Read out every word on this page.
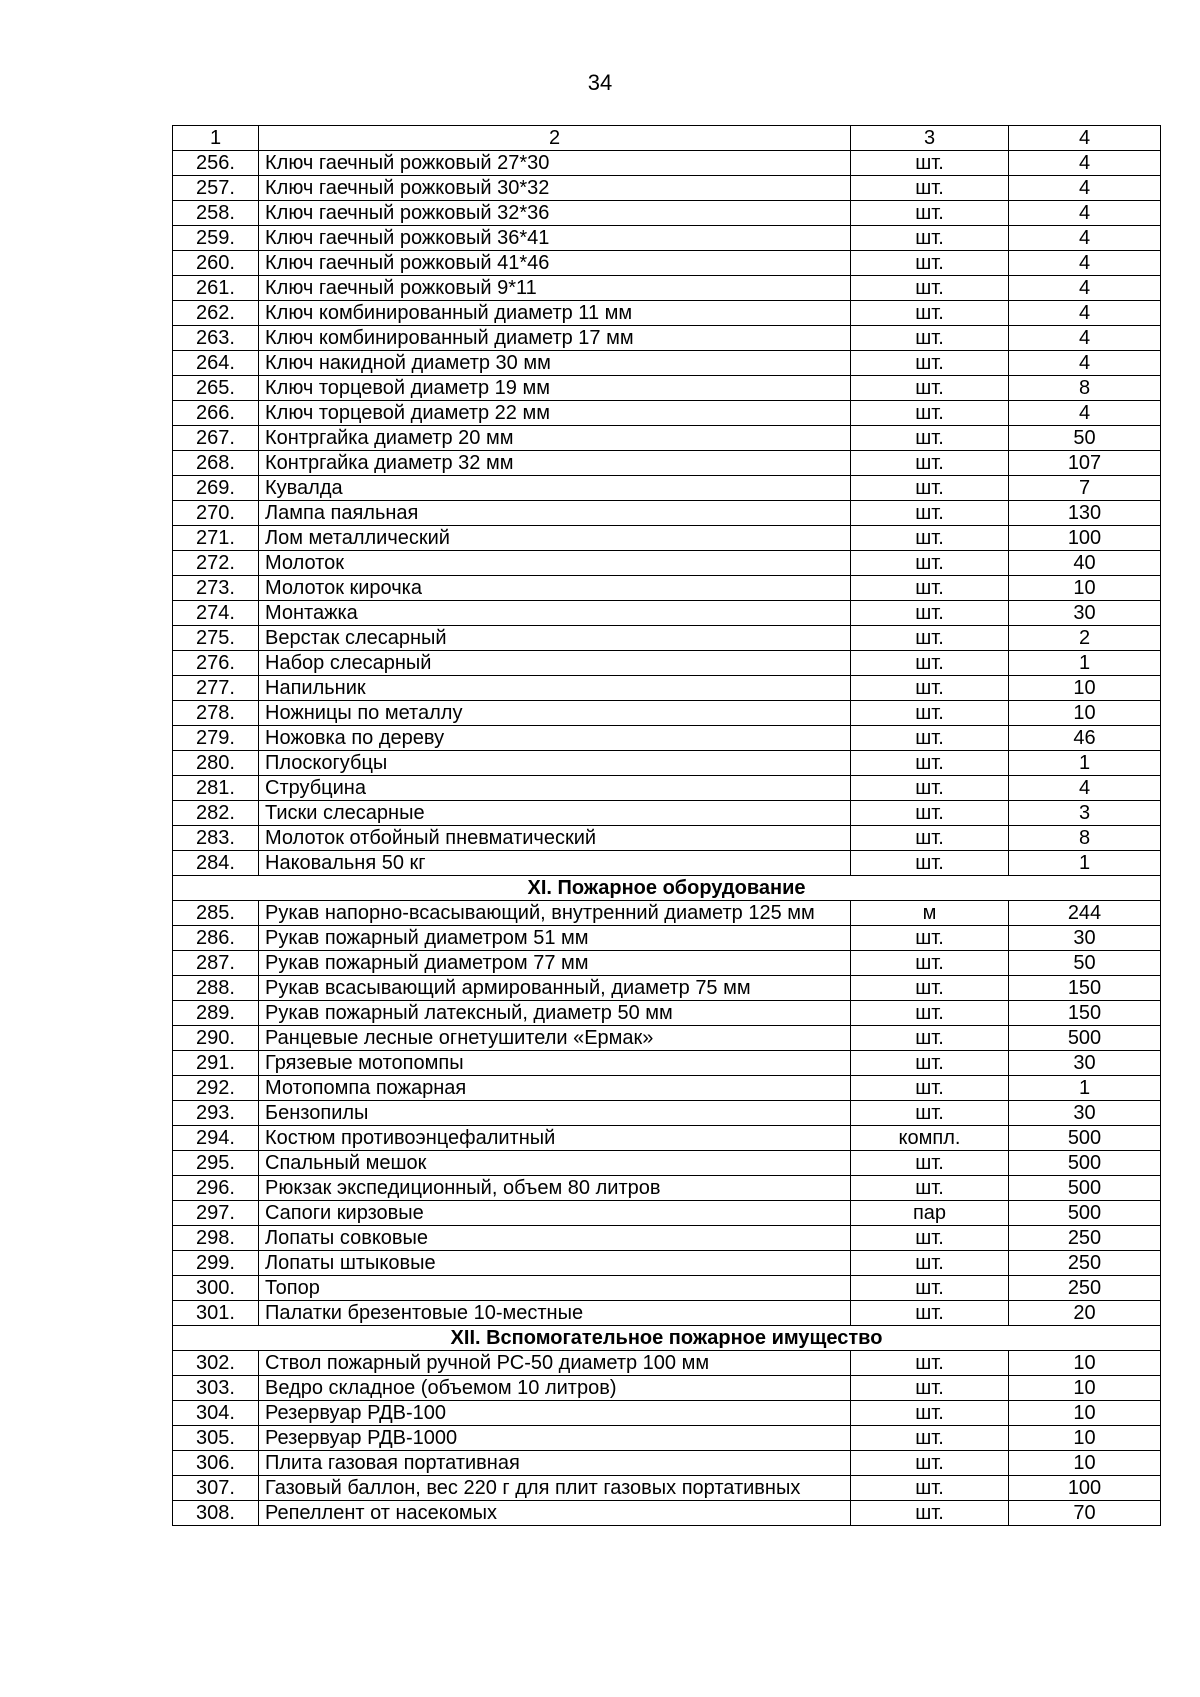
34
1	2	3	4
256.	Ключ гаечный рожковый 27*30	шт.	4
257.	Ключ гаечный рожковый 30*32	шт.	4
258.	Ключ гаечный рожковый 32*36	шт.	4
259.	Ключ гаечный рожковый 36*41	шт.	4
260.	Ключ гаечный рожковый 41*46	шт.	4
261.	Ключ гаечный рожковый 9*11	шт.	4
262.	Ключ комбинированный диаметр 11 мм	шт.	4
263.	Ключ комбинированный диаметр 17 мм	шт.	4
264.	Ключ накидной диаметр 30 мм	шт.	4
265.	Ключ торцевой диаметр 19 мм	шт.	8
266.	Ключ торцевой диаметр 22 мм	шт.	4
267.	Контргайка диаметр 20 мм	шт.	50
268.	Контргайка диаметр 32 мм	шт.	107
269.	Кувалда	шт.	7
270.	Лампа паяльная	шт.	130
271.	Лом металлический	шт.	100
272.	Молоток	шт.	40
273.	Молоток кирочка	шт.	10
274.	Монтажка	шт.	30
275.	Верстак слесарный	шт.	2
276.	Набор слесарный	шт.	1
277.	Напильник	шт.	10
278.	Ножницы по металлу	шт.	10
279.	Ножовка по дереву	шт.	46
280.	Плоскогубцы	шт.	1
281.	Струбцина	шт.	4
282.	Тиски слесарные	шт.	3
283.	Молоток отбойный пневматический	шт.	8
284.	Наковальня 50 кг	шт.	1
XI. Пожарное оборудование			
285.	Рукав напорно-всасывающий, внутренний диаметр 125 мм	м	244
286.	Рукав пожарный диаметром 51 мм	шт.	30
287.	Рукав пожарный диаметром 77 мм	шт.	50
288.	Рукав всасывающий армированный, диаметр 75 мм	шт.	150
289.	Рукав пожарный латексный, диаметр 50 мм	шт.	150
290.	Ранцевые лесные огнетушители «Ермак»	шт.	500
291.	Грязевые мотопомпы	шт.	30
292.	Мотопомпа пожарная	шт.	1
293.	Бензопилы	шт.	30
294.	Костюм противоэнцефалитный	компл.	500
295.	Спальный мешок	шт.	500
296.	Рюкзак экспедиционный, объем 80 литров	шт.	500
297.	Сапоги кирзовые	пар	500
298.	Лопаты совковые	шт.	250
299.	Лопаты штыковые	шт.	250
300.	Топор	шт.	250
301.	Палатки брезентовые 10-местные	шт.	20
XII. Вспомогательное пожарное имущество			
302.	Ствол пожарный ручной РС-50 диаметр 100 мм	шт.	10
303.	Ведро складное (объемом 10 литров)	шт.	10
304.	Резервуар РДВ-100	шт.	10
305.	Резервуар РДВ-1000	шт.	10
306.	Плита газовая портативная	шт.	10
307.	Газовый баллон, вес 220 г для плит газовых портативных	шт.	100
308.	Репеллент от насекомых	шт.	70
